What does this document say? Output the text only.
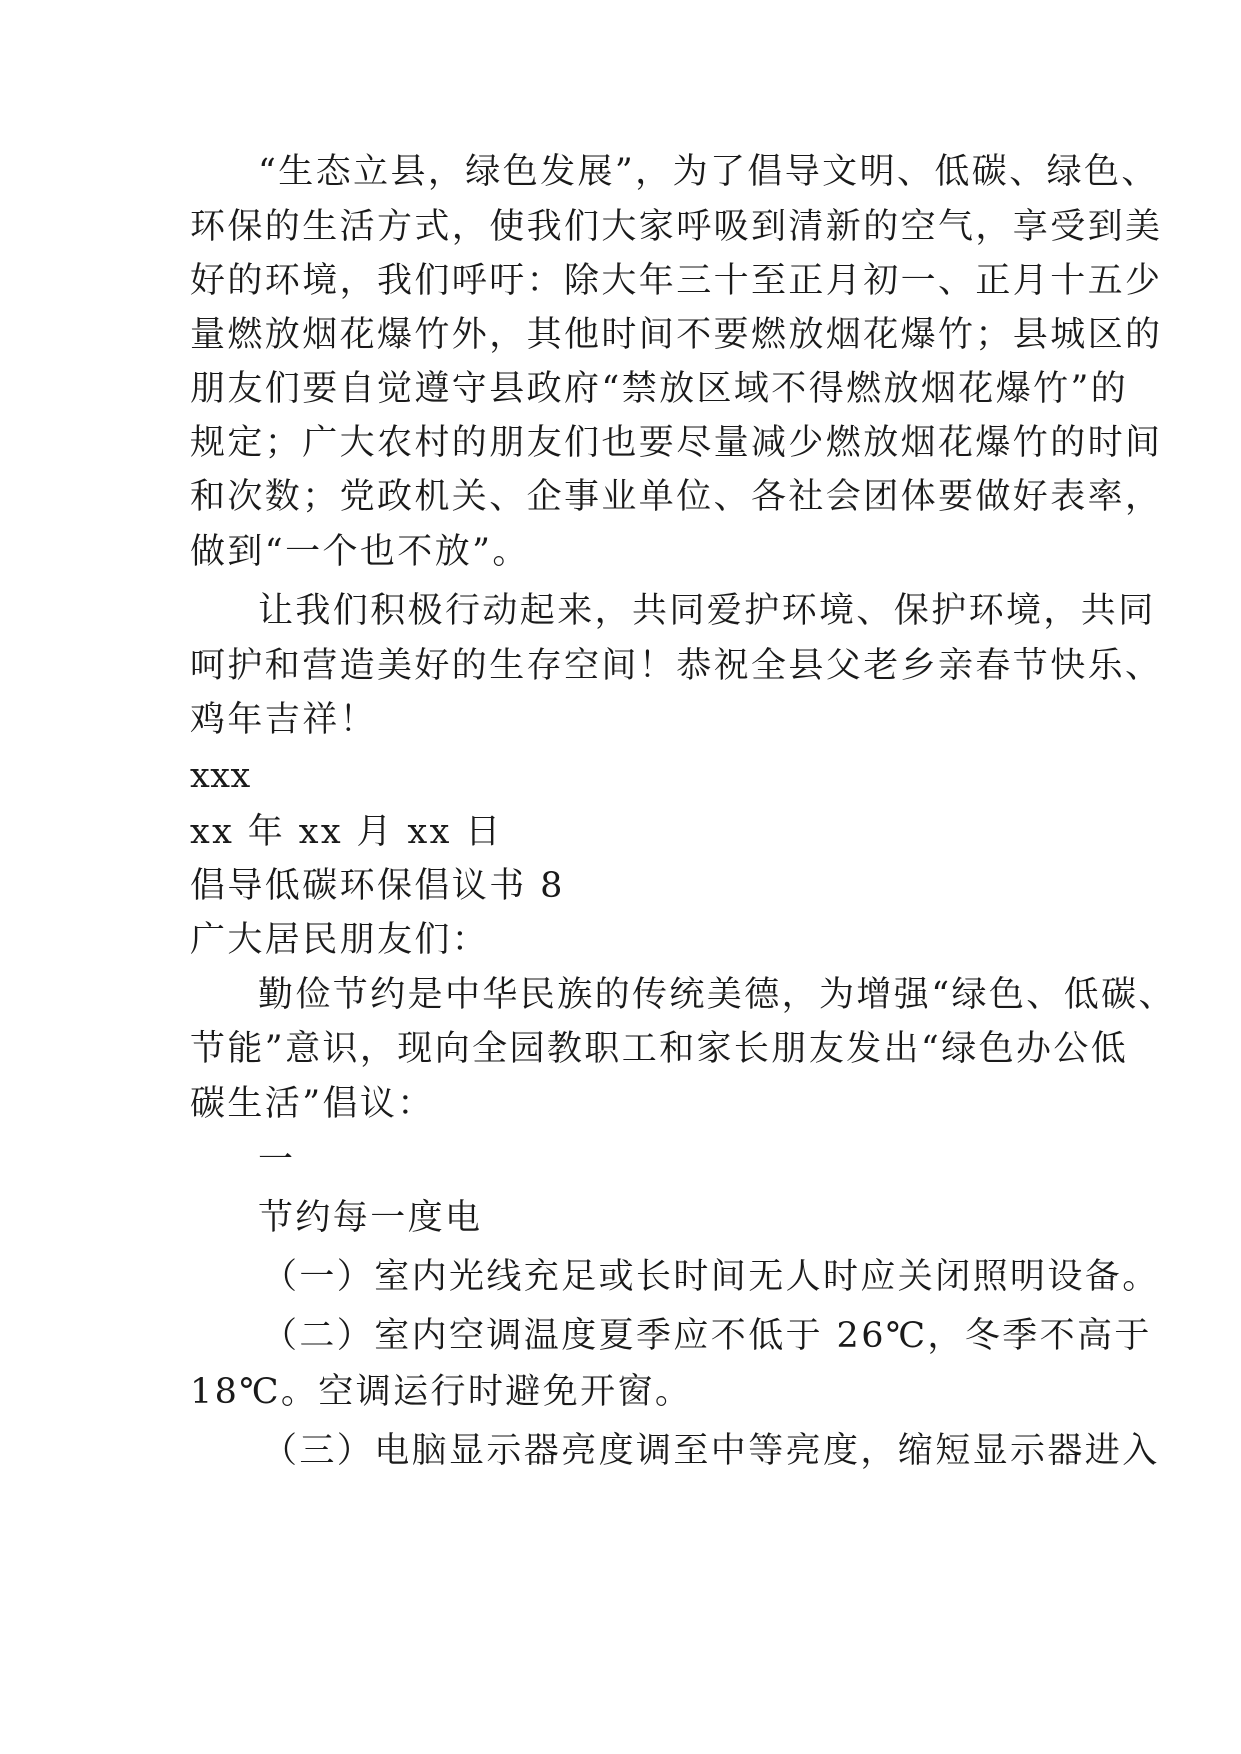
“生态立县，绿色发展”，为了倡导文明、低碳、绿色、
环保的生活方式，使我们大家呼吸到清新的空气，享受到美
好的环境，我们呼吁：除大年三十至正月初一、正月十五少
量燃放烟花爆竹外，其他时间不要燃放烟花爆竹；县城区的
朋友们要自觉遵守县政府“禁放区域不得燃放烟花爆竹”的
规定；广大农村的朋友们也要尽量减少燃放烟花爆竹的时间
和次数；党政机关、企事业单位、各社会团体要做好表率，
做到“一个也不放”。
让我们积极行动起来，共同爱护环境、保护环境，共同
呵护和营造美好的生存空间！恭祝全县父老乡亲春节快乐、
鸡年吉祥！
xxx
xx 年 xx 月 xx 日
倡导低碳环保倡议书 8
广大居民朋友们：
勤俭节约是中华民族的传统美德，为增强“绿色、低碳、
节能”意识，现向全园教职工和家长朋友发出“绿色办公低
碳生活”倡议：
一
节约每一度电
（一）室内光线充足或长时间无人时应关闭照明设备。
（二）室内空调温度夏季应不低于 26℃，冬季不高于
18℃。空调运行时避免开窗。
（三）电脑显示器亮度调至中等亮度，缩短显示器进入
